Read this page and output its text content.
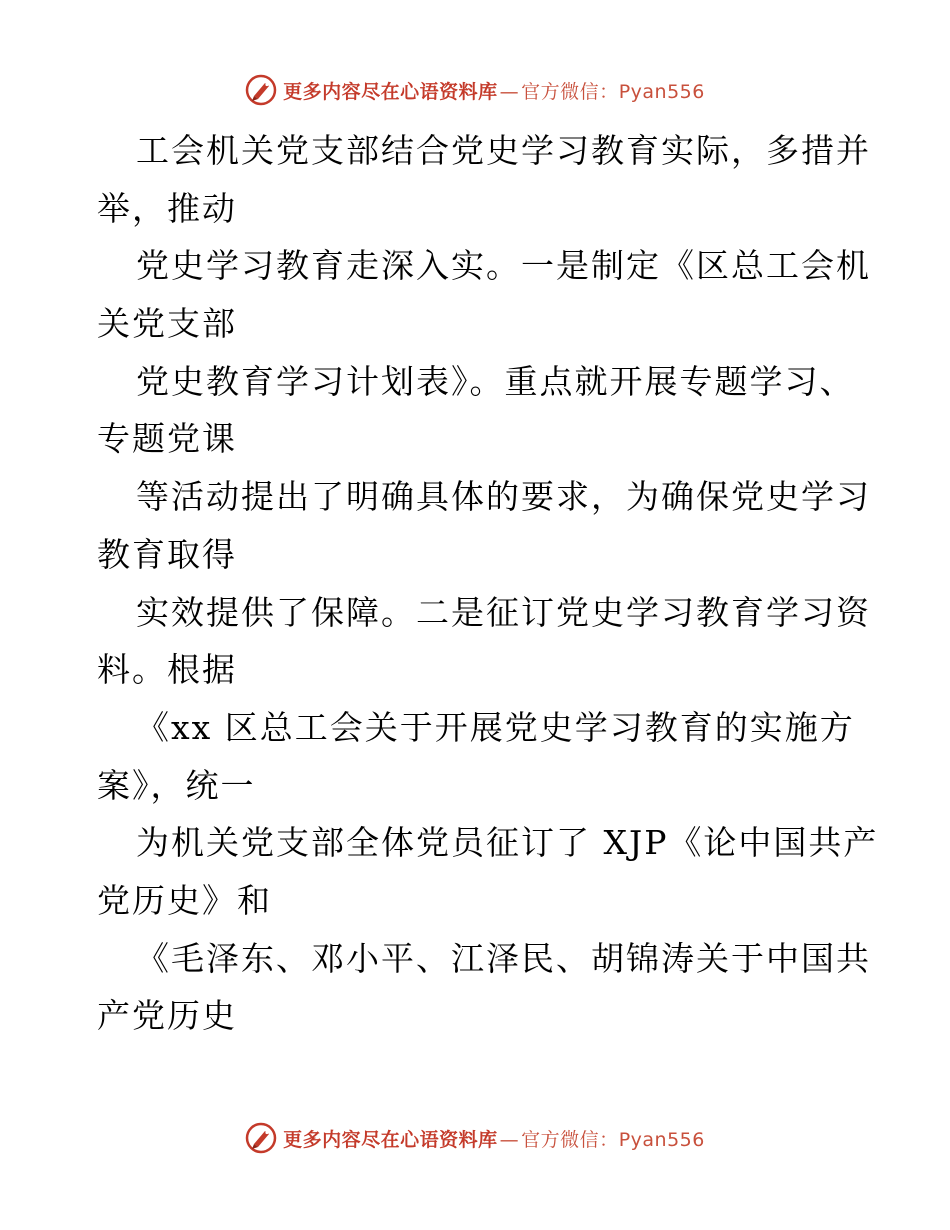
更多内容尽在心语资料库 — 官方微信：Pyan556
工会机关党支部结合党史学习教育实际，多措并
举，推动
党史学习教育走深入实。一是制定《区总工会机
关党支部
党史教育学习计划表》。重点就开展专题学习、
专题党课
等活动提出了明确具体的要求，为确保党史学习
教育取得
实效提供了保障。二是征订党史学习教育学习资
料。根据
《xx 区总工会关于开展党史学习教育的实施方
案》，统一
为机关党支部全体党员征订了 XJP《论中国共产
党历史》和
《毛泽东、邓小平、江泽民、胡锦涛关于中国共
产党历史
更多内容尽在心语资料库 — 官方微信：Pyan556
